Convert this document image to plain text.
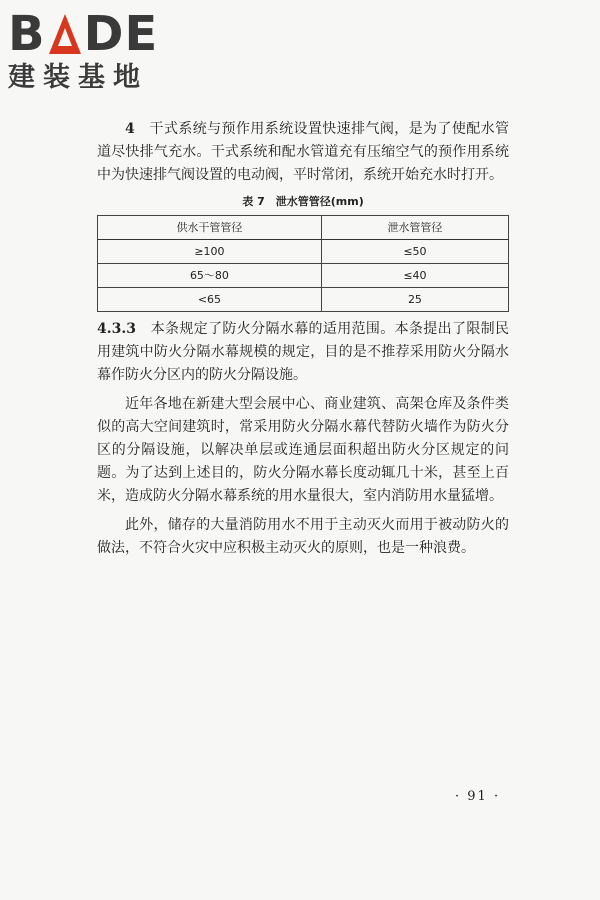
B DE
建装基地

4　 干式系统与预作用系统设置快速排气阀，是为了使配水管道尽快排气充水。干式系统和配水管道充有压缩空气的预作用系统中为快速排气阀设置的电动阀，平时常闭，系统开始充水时打开。

表 7　泄水管管径(mm)
供水干管管径	泄水管管径
≥100	≤50
65～80	≤40
<65	25

4.3.3　 本条规定了防火分隔水幕的适用范围。本条提出了限制民用建筑中防火分隔水幕规模的规定，目的是不推荐采用防火分隔水幕作防火分区内的防火分隔设施。

近年各地在新建大型会展中心、商业建筑、高架仓库及条件类似的高大空间建筑时，常采用防火分隔水幕代替防火墙作为防火分区的分隔设施，以解决单层或连通层面积超出防火分区规定的问题。为了达到上述目的，防火分隔水幕长度动辄几十米，甚至上百米，造成防火分隔水幕系统的用水量很大，室内消防用水量猛增。

此外，储存的大量消防用水不用于主动灭火而用于被动防火的做法，不符合火灾中应积极主动灭火的原则，也是一种浪费。

· 91 ·
